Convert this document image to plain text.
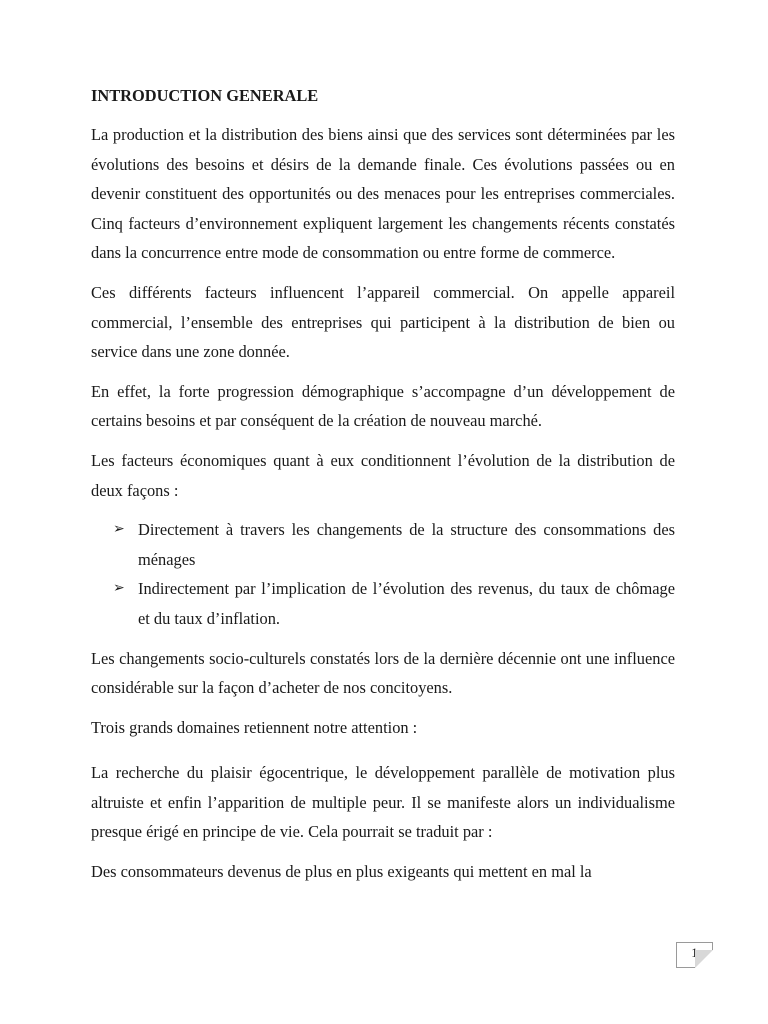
INTRODUCTION GENERALE

La production et la distribution des biens ainsi que des services sont déterminées par les évolutions des besoins et désirs de la demande finale. Ces évolutions passées ou en devenir constituent des opportunités ou des menaces pour les entreprises commerciales. Cinq facteurs d’environnement expliquent largement les changements récents constatés dans la concurrence entre mode de consommation ou entre forme de commerce.

Ces différents facteurs influencent l’appareil commercial. On appelle appareil commercial, l’ensemble des entreprises qui participent à la distribution de bien ou service dans une zone donnée.

En effet, la forte progression démographique s’accompagne d’un développement de certains besoins et par conséquent de la création de nouveau marché.

Les facteurs économiques quant à eux conditionnent l’évolution de la distribution de deux façons :

➢ Directement à travers les changements de la structure des consommations des ménages
➢ Indirectement par l’implication de l’évolution des revenus, du taux de chômage et du taux d’inflation.

Les changements socio-culturels constatés lors de la dernière décennie ont une influence considérable sur la façon d’acheter de nos concitoyens.

Trois grands domaines retiennent notre attention :

La recherche du plaisir égocentrique, le développement parallèle de motivation plus altruiste et enfin l’apparition de multiple peur. Il se manifeste alors un individualisme presque érigé en principe de vie. Cela pourrait se traduit par :

Des consommateurs devenus de plus en plus exigeants qui mettent en mal la

1
